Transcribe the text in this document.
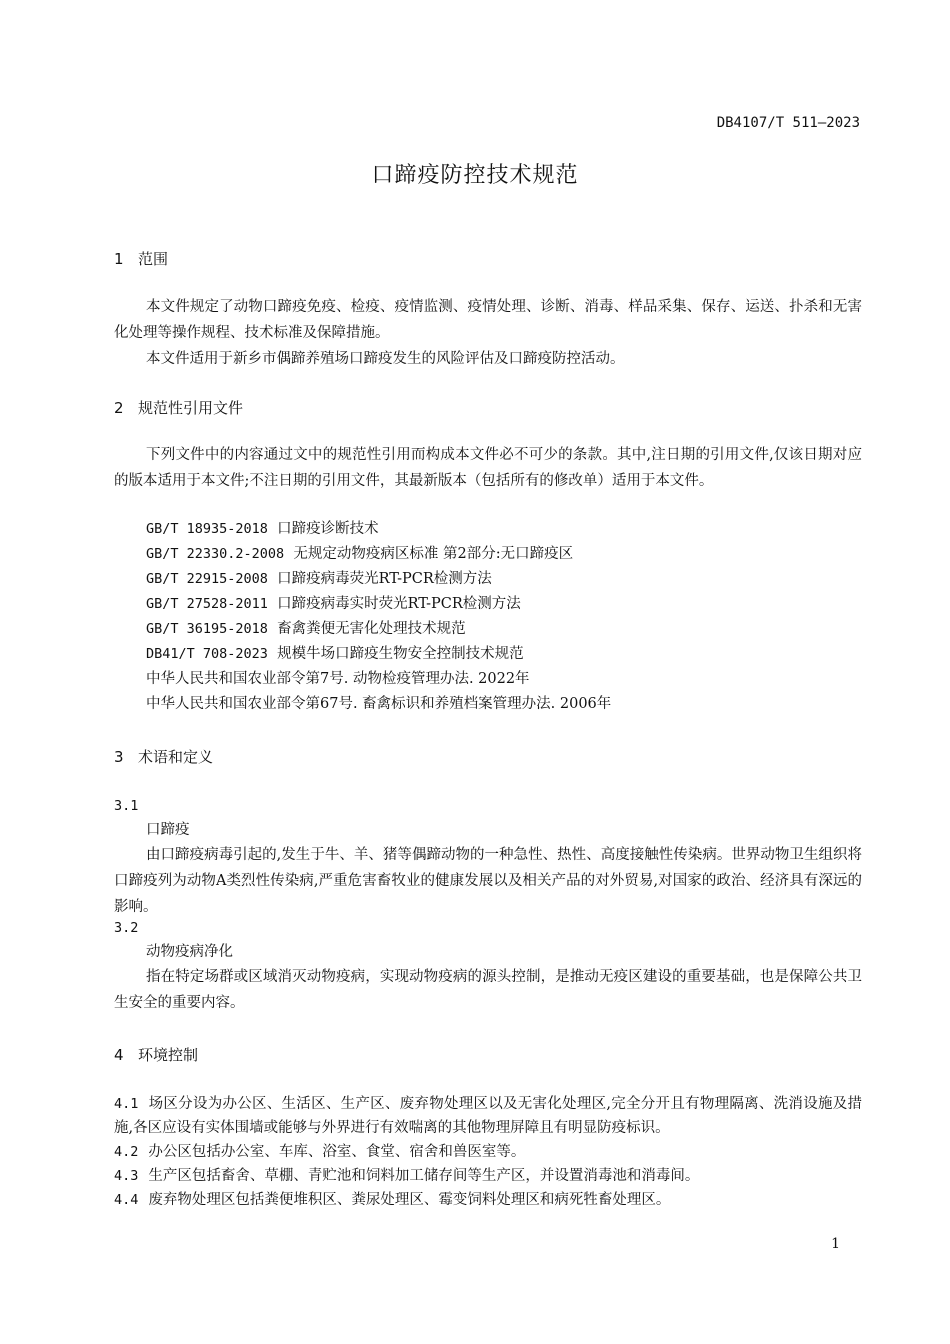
DB4107/T 511—2023
口蹄疫防控技术规范
1 范围

本文件规定了动物口蹄疫免疫、检疫、疫情监测、疫情处理、诊断、消毒、样品采集、保存、运送、扑杀和无害化处理等操作规程、技术标准及保障措施。

本文件适用于新乡市偶蹄养殖场口蹄疫发生的风险评估及口蹄疫防控活动。

2 规范性引用文件

下列文件中的内容通过文中的规范性引用而构成本文件必不可少的条款。其中,注日期的引用文件,仅该日期对应的版本适用于本文件;不注日期的引用文件，其最新版本（包括所有的修改单）适用于本文件。

GB/T 18935-2018 口蹄疫诊断技术
GB/T 22330.2-2008 无规定动物疫病区标准 第2部分:无口蹄疫区
GB/T 22915-2008 口蹄疫病毒荧光RT-PCR检测方法
GB/T 27528-2011 口蹄疫病毒实时荧光RT-PCR检测方法
GB/T 36195-2018 畜禽粪便无害化处理技术规范
DB41/T 708-2023 规模牛场口蹄疫生物安全控制技术规范
中华人民共和国农业部令第7号. 动物检疫管理办法. 2022年
中华人民共和国农业部令第67号. 畜禽标识和养殖档案管理办法. 2006年
3 术语和定义
3.1
口蹄疫

由口蹄疫病毒引起的,发生于牛、羊、猪等偶蹄动物的一种急性、热性、高度接触性传染病。世界动物卫生组织将口蹄疫列为动物A类烈性传染病,严重危害畜牧业的健康发展以及相关产品的对外贸易,对国家的政治、经济具有深远的影响。

3.2
动物疫病净化

指在特定场群或区域消灭动物疫病，实现动物疫病的源头控制，是推动无疫区建设的重要基础，也是保障公共卫生安全的重要内容。

4 环境控制

4.1 场区分设为办公区、生活区、生产区、废弃物处理区以及无害化处理区,完全分开且有物理隔离、洗消设施及措施,各区应设有实体围墙或能够与外界进行有效喘离的其他物理屏障且有明显防疫标识。

4.2 办公区包括办公室、车库、浴室、食堂、宿舍和兽医室等。

4.3 生产区包括畜舍、草棚、青贮池和饲料加工储存间等生产区，并设置消毒池和消毒间。

4.4 废弃物处理区包括粪便堆积区、粪尿处理区、霉变饲料处理区和病死牲畜处理区。

1
